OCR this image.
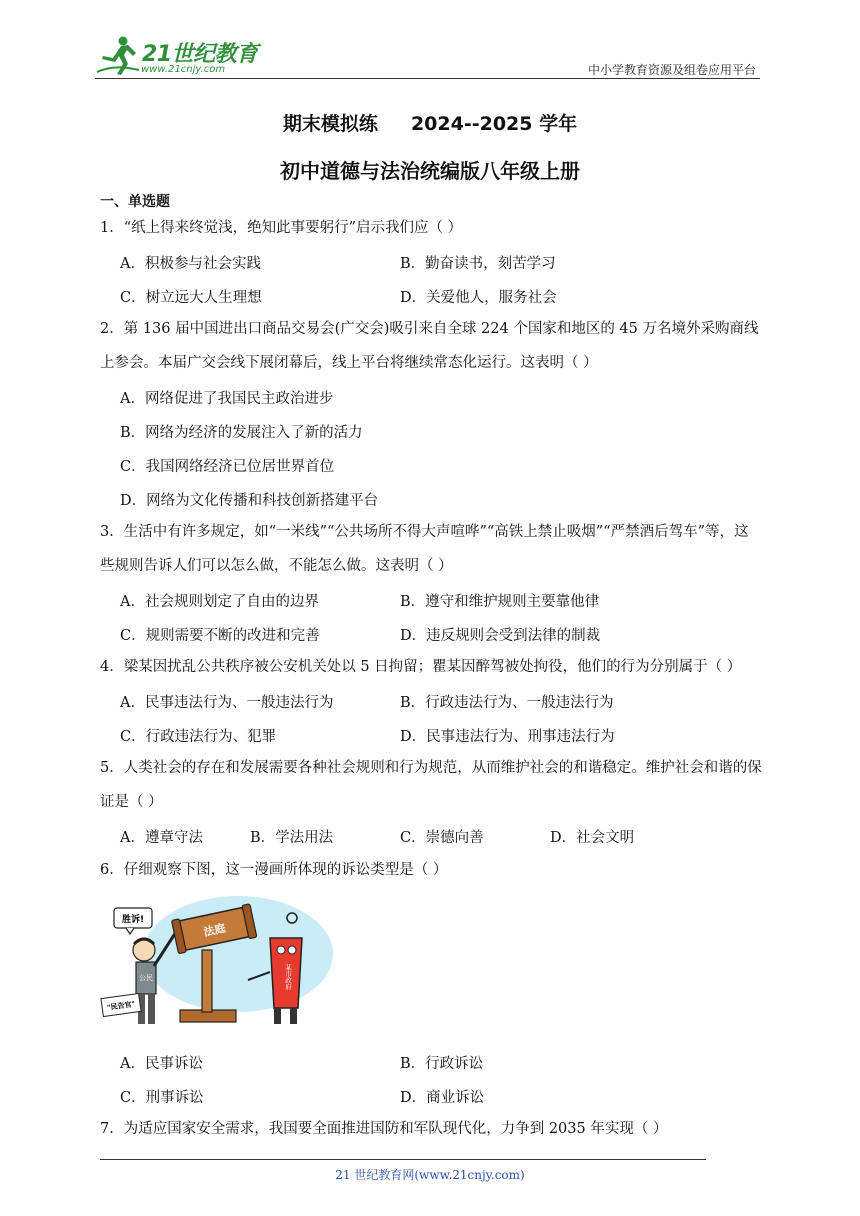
21世纪教育
www.21cnjy.com	中小学教育资源及组卷应用平台
期末模拟练     2024--2025 学年
初中道德与法治统编版八年级上册
一、单选题
1．“纸上得来终觉浅，绝知此事要躬行”启示我们应（ ）
A．积极参与社会实践	B．勤奋读书，刻苦学习
C．树立远大人生理想	D．关爱他人，服务社会
2．第 136 届中国进出口商品交易会(广交会)吸引来自全球 224 个国家和地区的 45 万名境外采购商线上参会。本届广交会线下展闭幕后，线上平台将继续常态化运行。这表明（ ）
A．网络促进了我国民主政治进步
B．网络为经济的发展注入了新的活力
C．我国网络经济已位居世界首位
D．网络为文化传播和科技创新搭建平台
3．生活中有许多规定，如“一米线”“公共场所不得大声喧哗”“高铁上禁止吸烟”“严禁酒后驾车”等，这些规则告诉人们可以怎么做，不能怎么做。这表明（ ）
A．社会规则划定了自由的边界	B．遵守和维护规则主要靠他律
C．规则需要不断的改进和完善	D．违反规则会受到法律的制裁
4．梁某因扰乱公共秩序被公安机关处以 5 日拘留；瞿某因醉驾被处拘役，他们的行为分别属于（ ）
A．民事违法行为、一般违法行为	B．行政违法行为、一般违法行为
C．行政违法行为、犯罪	D．民事违法行为、刑事违法行为
5．人类社会的存在和发展需要各种社会规则和行为规范，从而维护社会的和谐稳定。维护社会和谐的保证是（ ）
A．遵章守法	B．学法用法	C．崇德向善	D．社会文明
6．仔细观察下图，这一漫画所体现的诉讼类型是（ ）
胜诉!
公民
"民告官"
法庭
某市政府
A．民事诉讼	B．行政诉讼
C．刑事诉讼	D．商业诉讼
7．为适应国家安全需求，我国要全面推进国防和军队现代化，力争到 2035 年实现（ ）
21 世纪教育网(www.21cnjy.com)
